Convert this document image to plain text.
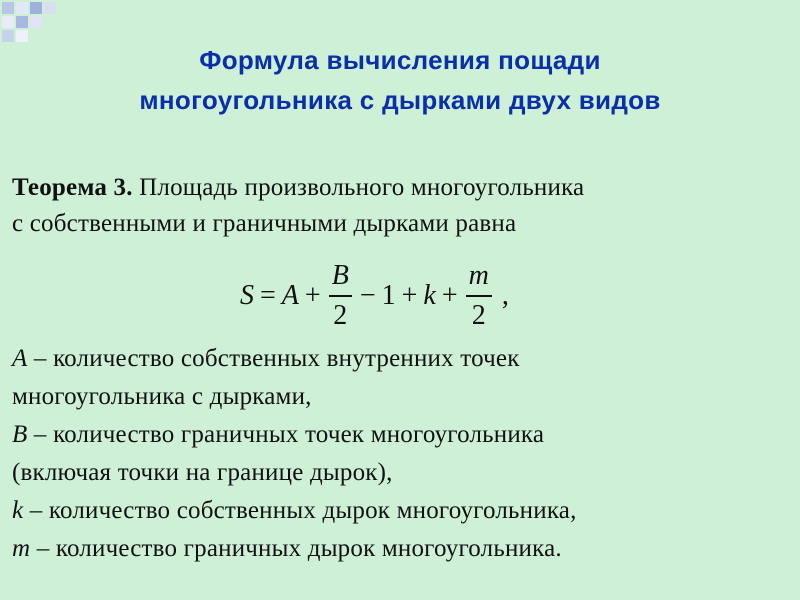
Формула вычисления пощади
многоугольника с дырками двух видов
Теорема 3. Площадь произвольного многоугольника
с собственными и граничными дырками равна
$S = A + \frac{B}{2} - 1 + k + \frac{m}{2}$ ,
A – количество собственных внутренних точек
многоугольника с дырками,
B – количество граничных точек многоугольника
(включая точки на границе дырок),
k – количество собственных дырок многоугольника,
m – количество граничных дырок многоугольника.
